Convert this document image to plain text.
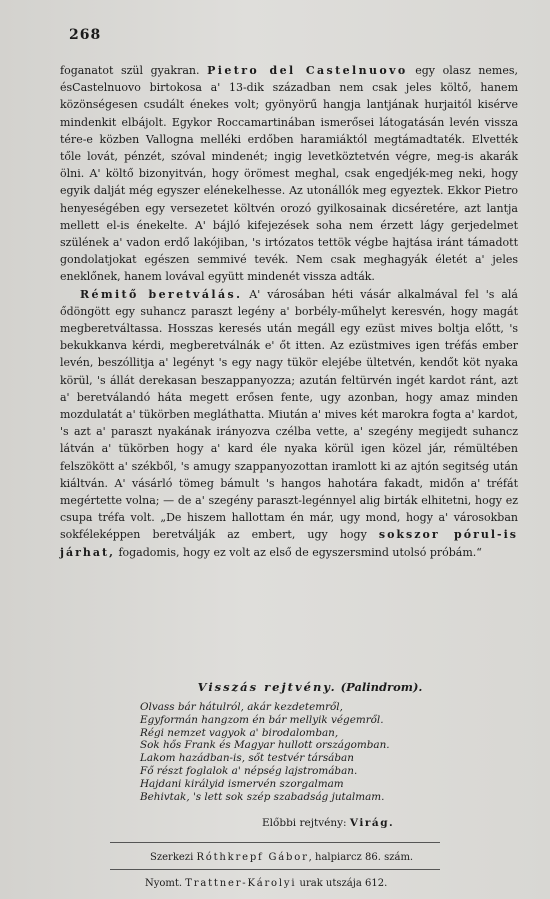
268

foganatot szül gyakran. Pietro del Castelnuovo egy olasz nemes, ésCastelnuovo birtokosa a' 13-dik században nem csak jeles költő, hanem közönségesen csudált énekes volt; gyönyörű hangja lantjának hurjaitól kisérve mindenkit elbájolt. Egykor Roccamartinában ismerősei látogatásán levén vissza tére-e közben Vallogna melléki erdőben haramiáktól megtámadtaték. Elvették tőle lovát, pénzét, szóval mindenét; ingig levetköztetvén végre, meg-is akarák ölni. A' költő bizonyitván, hogy örömest meghal, csak engedjék-meg neki, hogy egyik dalját még egyszer elénekelhesse. Az utonállók meg egyeztek. Ekkor Pietro henyeségében egy versezetet költvén orozó gyilkosainak dicséretére, azt lantja mellett el-is énekelte. A' bájló kifejezések soha nem érzett lágy gerjedelmet szülének a' vadon erdő lakójiban, 's irtózatos tettök végbe hajtása iránt támadott gondolatjokat egészen semmivé tevék. Nem csak meghagyák életét a' jeles eneklőnek, hanem lovával együtt mindenét vissza adták.

Rémitő beretválás. A' városában héti vásár alkalmával fel 's alá ődöngött egy suhancz paraszt legény a' borbély-műhelyt keresvén, hogy magát megberetváltassa. Hosszas keresés után megáll egy ezüst mives boltja előtt, 's bekukkanva kérdi, megberetválnák e' őt itten. Az ezüstmives igen tréfás ember levén, beszóllitja a' legényt 's egy nagy tükör elejébe ültetvén, kendőt köt nyaka körül, 's állát derekasan beszappanyozza; azután feltürvén ingét kardot ránt, azt a' beretválandó háta megett erősen fente, ugy azonban, hogy amaz minden mozdulatát a' tükörben megláthatta. Miután a' mives két marokra fogta a' kardot, 's azt a' paraszt nyakának irányozva czélba vette, a' szegény megijedt suhancz látván a' tükörben hogy a' kard éle nyaka körül igen közel jár, rémültében felszökött a' székből, 's amugy szappanyozottan iramlott ki az ajtón segitség után kiáltván. A' vásárló tömeg bámult 's hangos hahotára fakadt, midőn a' tréfát megértette volna; — de a' szegény paraszt-legénnyel alig birták elhitetni, hogy ez csupa tréfa volt. „De hiszem hallottam én már, ugy mond, hogy a' városokban sokféleképpen beretválják az embert, ugy hogy sokszor pórul-is járhat, fogadomis, hogy ez volt az első de egyszersmind utolsó próbám.“

Visszás rejtvény. (Palindrom).
Olvass bár hátulról, akár kezdetemről,
Egyformán hangzom én bár mellyik végemről.
Régi nemzet vagyok a' birodalomban,
Sok hős Frank és Magyar hullott országomban.
Lakom hazádban-is, sőt testvér társában
Fő részt foglalok a' népség lajstromában.
Hajdani királyid ismervén szorgalmam
Behivtak, 's lett sok szép szabadság jutalmam.
Előbbi rejtvény: Virág.
Szerkezi Róthkrepf Gábor, halpiarcz 86. szám.
Nyomt. Trattner-Károlyi urak utszája 612.
